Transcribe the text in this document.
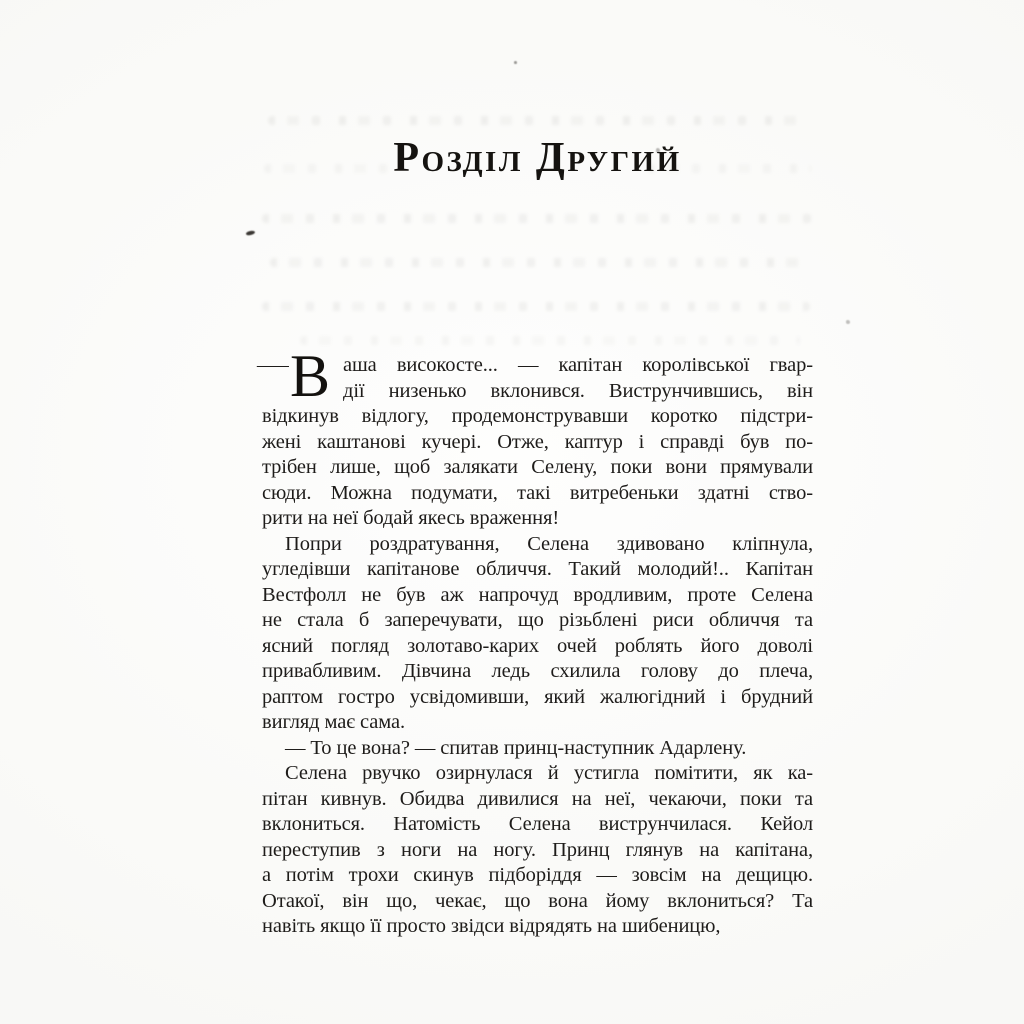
Розділ Другий
— В аша високосте... — капітан королівської гвар-
дії низенько вклонився. Виструнчившись, він
відкинув відлогу, продемонструвавши коротко підстри-
жені каштанові кучері. Отже, каптур і справді був по-
трібен лише, щоб залякати Селену, поки вони прямували
сюди. Можна подумати, такі витребеньки здатні ство-
рити на неї бодай якесь враження!
Попри роздратування, Селена здивовано кліпнула,
угледівши капітанове обличчя. Такий молодий!.. Капітан
Вестфолл не був аж напрочуд вродливим, проте Селена
не стала б заперечувати, що різьблені риси обличчя та
ясний погляд золотаво-карих очей роблять його доволі
привабливим. Дівчина ледь схилила голову до плеча,
раптом гостро усвідомивши, який жалюгідний і брудний
вигляд має сама.
— То це вона? — спитав принц-наступник Адарлену.
Селена рвучко озирнулася й устигла помітити, як ка-
пітан кивнув. Обидва дивилися на неї, чекаючи, поки та
вклониться. Натомість Селена виструнчилася. Кейол
переступив з ноги на ногу. Принц глянув на капітана,
а потім трохи скинув підборіддя — зовсім на дещицю.
Отакої, він що, чекає, що вона йому вклониться? Та
навіть якщо її просто звідси відрядять на шибеницю,
